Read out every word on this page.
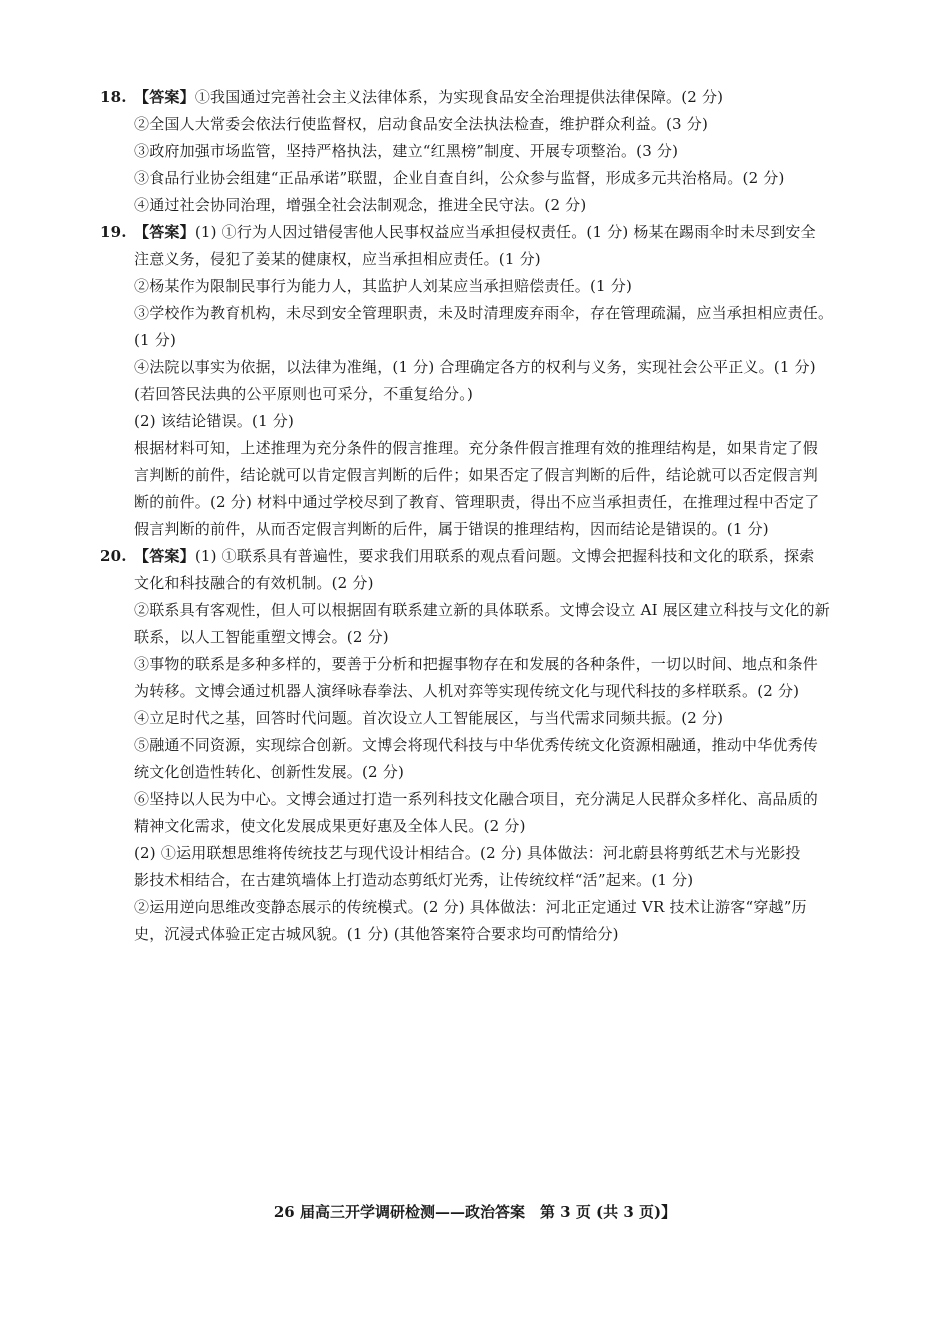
18. 【答案】①我国通过完善社会主义法律体系，为实现食品安全治理提供法律保障。(2 分)
②全国人大常委会依法行使监督权，启动食品安全法执法检查，维护群众利益。(3 分)
③政府加强市场监管，坚持严格执法，建立“红黑榜”制度、开展专项整治。(3 分)
③食品行业协会组建“正品承诺”联盟，企业自查自纠，公众参与监督，形成多元共治格局。(2 分)
④通过社会协同治理，增强全社会法制观念，推进全民守法。(2 分)
19. 【答案】(1) ①行为人因过错侵害他人民事权益应当承担侵权责任。(1 分) 杨某在踢雨伞时未尽到安全
注意义务，侵犯了姜某的健康权，应当承担相应责任。(1 分)
②杨某作为限制民事行为能力人，其监护人刘某应当承担赔偿责任。(1 分)
③学校作为教育机构，未尽到安全管理职责，未及时清理废弃雨伞，存在管理疏漏，应当承担相应责任。
(1 分)
④法院以事实为依据，以法律为准绳，(1 分) 合理确定各方的权利与义务，实现社会公平正义。(1 分)
(若回答民法典的公平原则也可采分，不重复给分。)
(2) 该结论错误。(1 分)
根据材料可知，上述推理为充分条件的假言推理。充分条件假言推理有效的推理结构是，如果肯定了假
言判断的前件，结论就可以肯定假言判断的后件；如果否定了假言判断的后件，结论就可以否定假言判
断的前件。(2 分) 材料中通过学校尽到了教育、管理职责，得出不应当承担责任，在推理过程中否定了
假言判断的前件，从而否定假言判断的后件，属于错误的推理结构，因而结论是错误的。(1 分)
20. 【答案】(1) ①联系具有普遍性，要求我们用联系的观点看问题。文博会把握科技和文化的联系，探索
文化和科技融合的有效机制。(2 分)
②联系具有客观性，但人可以根据固有联系建立新的具体联系。文博会设立 AI 展区建立科技与文化的新
联系，以人工智能重塑文博会。(2 分)
③事物的联系是多种多样的，要善于分析和把握事物存在和发展的各种条件，一切以时间、地点和条件
为转移。文博会通过机器人演绎咏春拳法、人机对弈等实现传统文化与现代科技的多样联系。(2 分)
④立足时代之基，回答时代问题。首次设立人工智能展区，与当代需求同频共振。(2 分)
⑤融通不同资源，实现综合创新。文博会将现代科技与中华优秀传统文化资源相融通，推动中华优秀传
统文化创造性转化、创新性发展。(2 分)
⑥坚持以人民为中心。文博会通过打造一系列科技文化融合项目，充分满足人民群众多样化、高品质的
精神文化需求，使文化发展成果更好惠及全体人民。(2 分)
(2) ①运用联想思维将传统技艺与现代设计相结合。(2 分) 具体做法：河北蔚县将剪纸艺术与光影投
影技术相结合，在古建筑墙体上打造动态剪纸灯光秀，让传统纹样“活”起来。(1 分)
②运用逆向思维改变静态展示的传统模式。(2 分) 具体做法：河北正定通过 VR 技术让游客“穿越”历
史，沉浸式体验正定古城风貌。(1 分) (其他答案符合要求均可酌情给分)
26 届高三开学调研检测——政治答案　第 3 页 (共 3 页)】
